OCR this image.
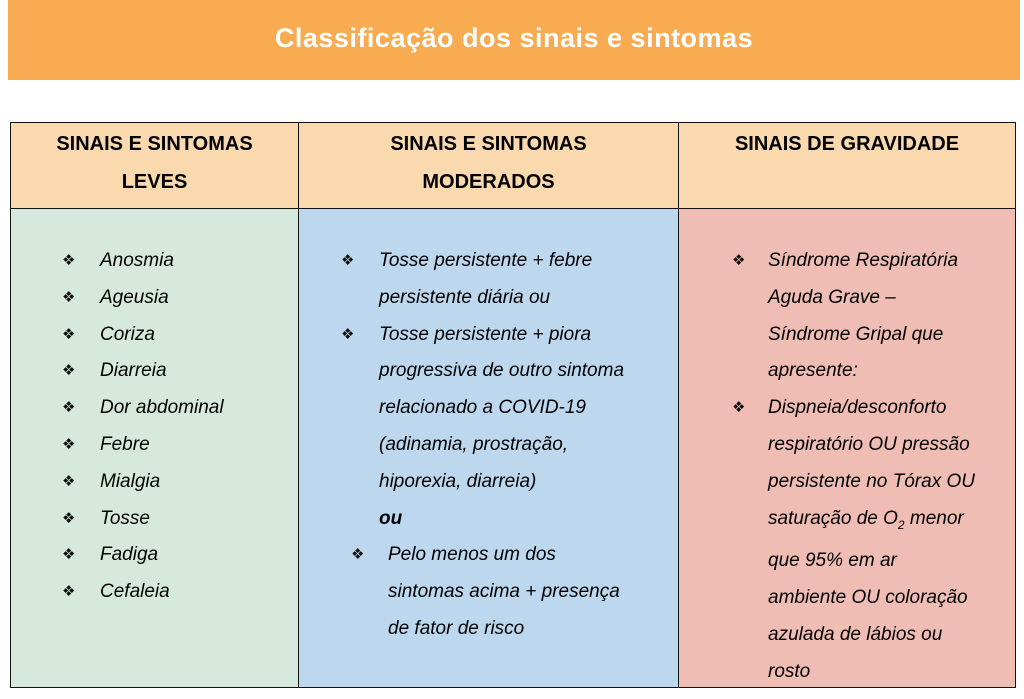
Classificação dos sinais e sintomas
SINAIS E SINTOMAS
LEVES
SINAIS E SINTOMAS
MODERADOS
SINAIS DE GRAVIDADE
❖ Anosmia
❖ Ageusia
❖ Coriza
❖ Diarreia
❖ Dor abdominal
❖ Febre
❖ Mialgia
❖ Tosse
❖ Fadiga
❖ Cefaleia
❖ Tosse persistente + febre
persistente diária ou
❖ Tosse persistente + piora
progressiva de outro sintoma
relacionado a COVID-19
(adinamia, prostração,
hiporexia, diarreia)
ou
❖ Pelo menos um dos
sintomas acima + presença
de fator de risco
❖ Síndrome Respiratória
Aguda Grave –
Síndrome Gripal que
apresente:
❖ Dispneia/desconforto
respiratório OU pressão
persistente no Tórax OU
saturação de $O_2$ menor
que 95% em ar
ambiente OU coloração
azulada de lábios ou
rosto
